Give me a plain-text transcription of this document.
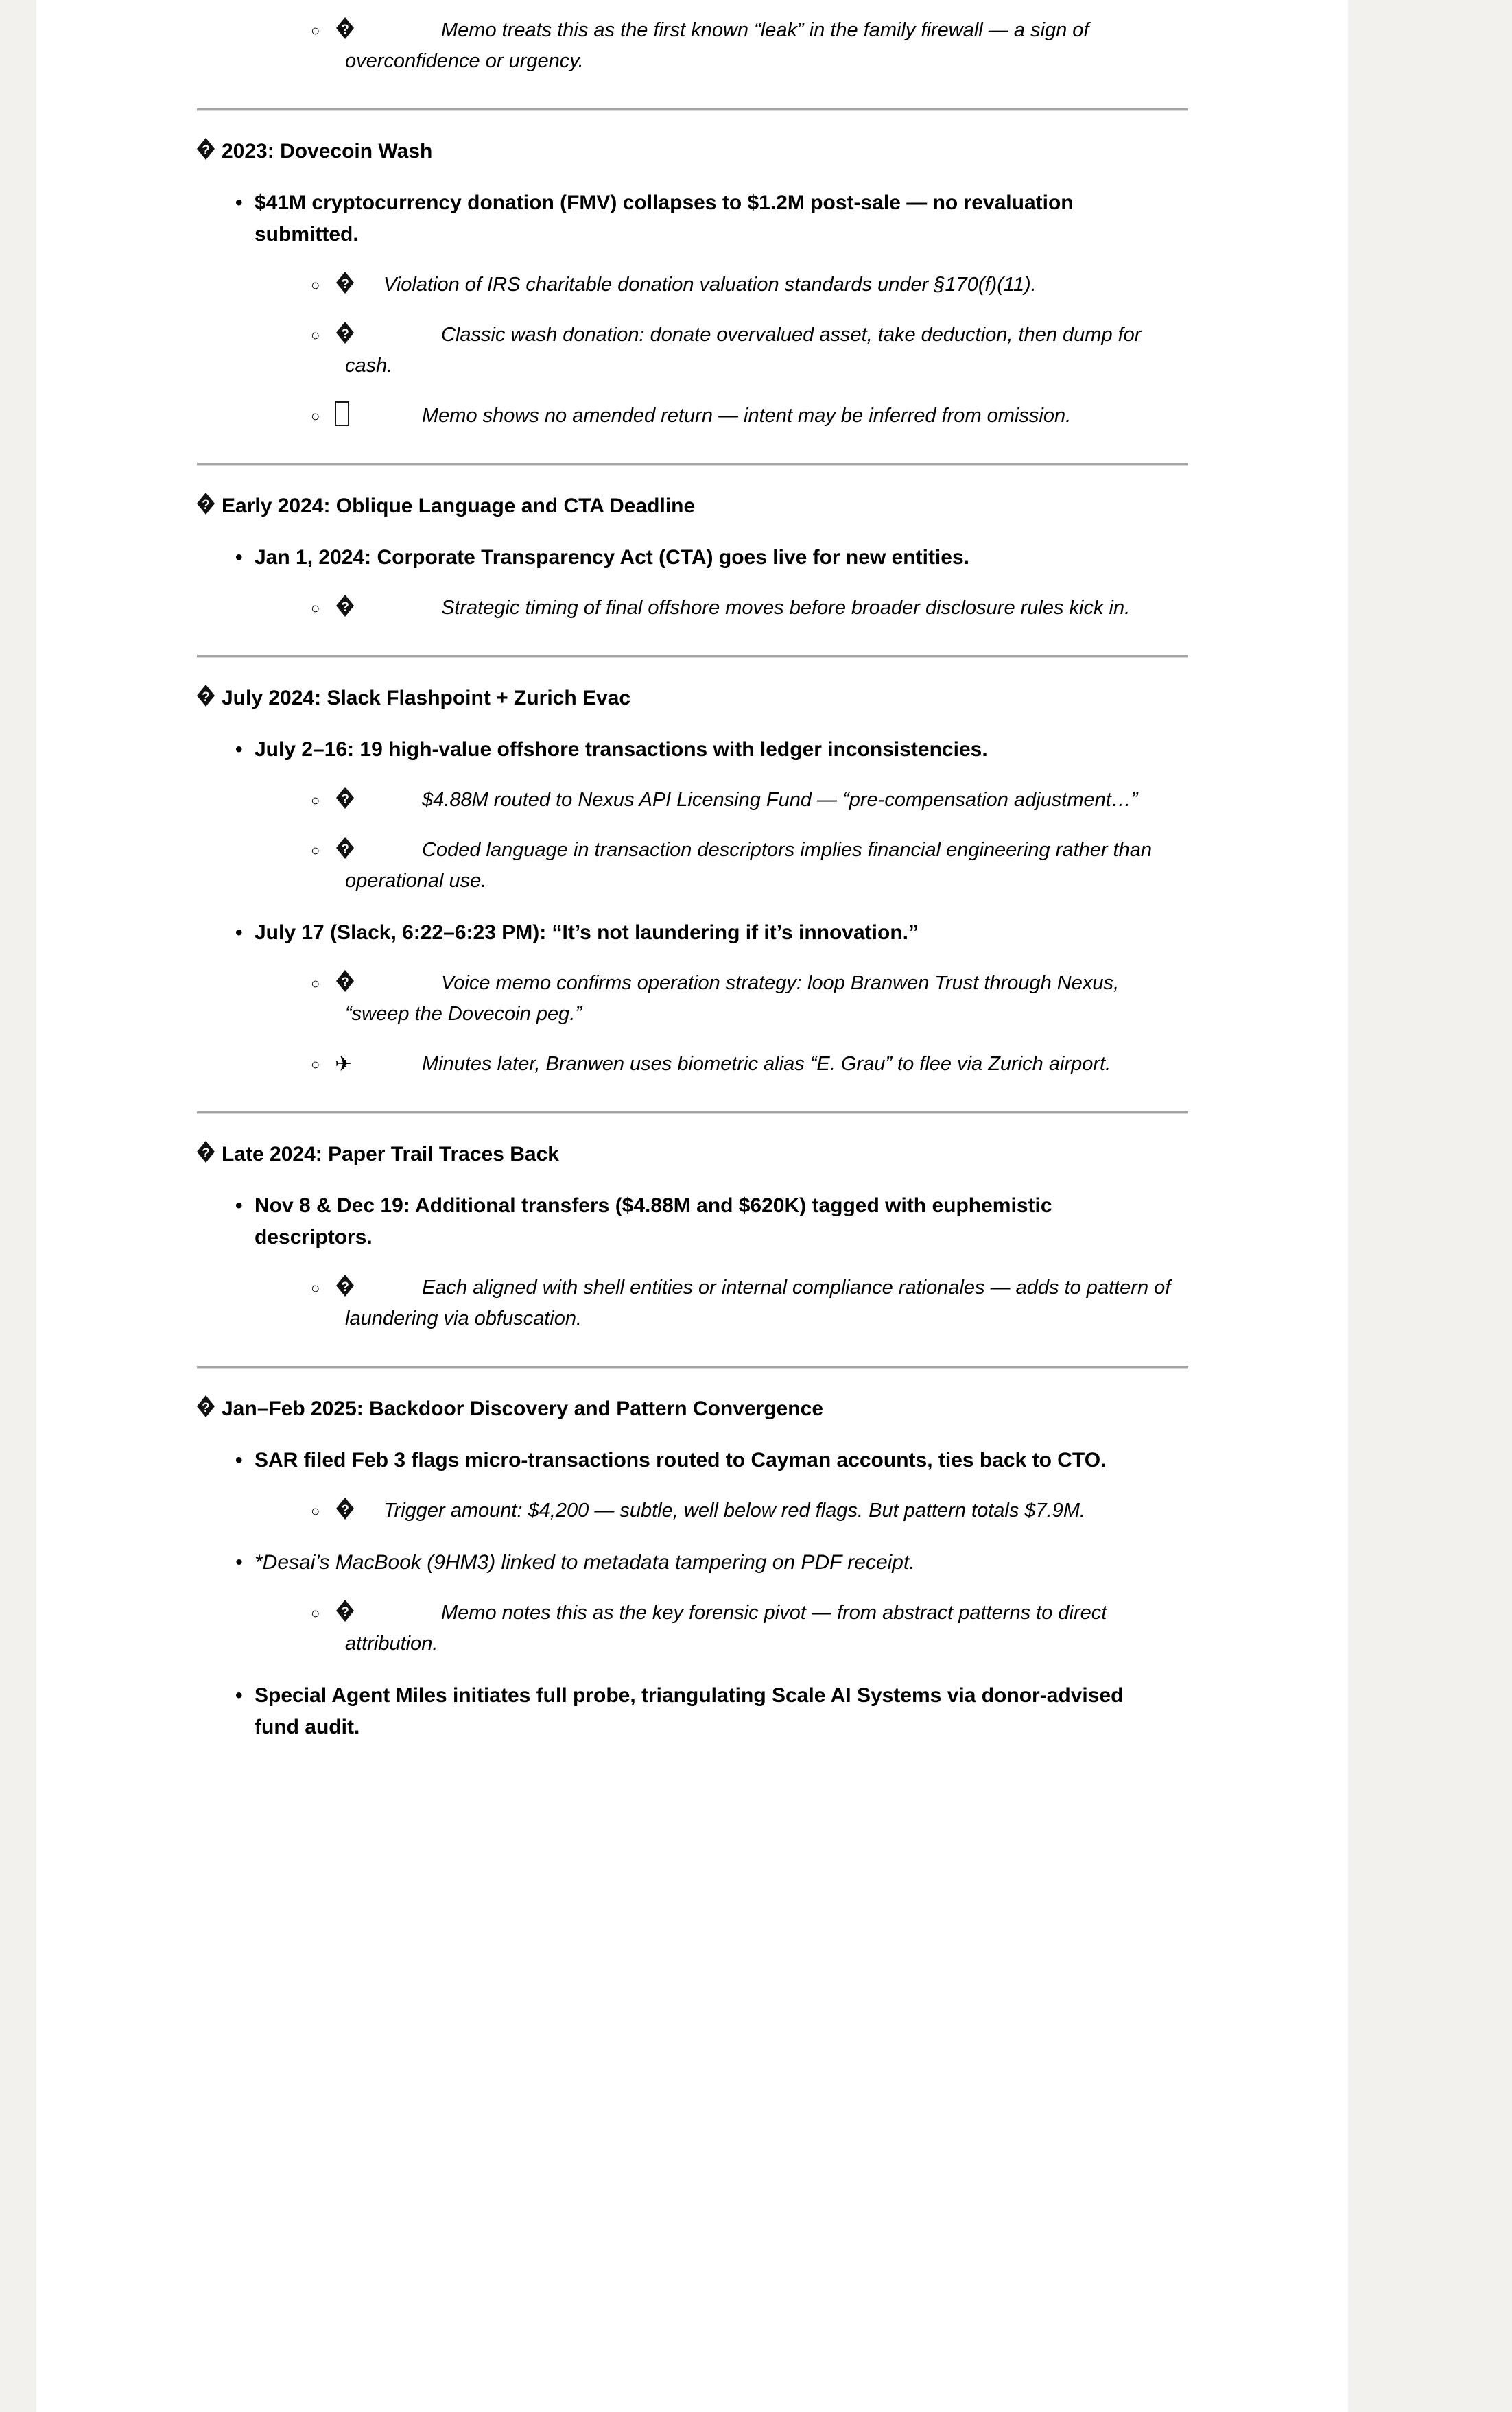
○ ?	Memo treats this as the first known “leak” in the family firewall — a sign of overconfidence or urgency.
? 2023: Dovecoin Wash
• $41M cryptocurrency donation (FMV) collapses to $1.2M post-sale — no revaluation submitted.
○ ?	Violation of IRS charitable donation valuation standards under §170(f)(11).
○ ?	Classic wash donation: donate overvalued asset, take deduction, then dump for cash.
○	Memo shows no amended return — intent may be inferred from omission.
? Early 2024: Oblique Language and CTA Deadline
• Jan 1, 2024: Corporate Transparency Act (CTA) goes live for new entities.
○ ?	Strategic timing of final offshore moves before broader disclosure rules kick in.
? July 2024: Slack Flashpoint + Zurich Evac
• July 2–16: 19 high-value offshore transactions with ledger inconsistencies.
○ ?	$4.88M routed to Nexus API Licensing Fund — “pre-compensation adjustment…”
○ ?	Coded language in transaction descriptors implies financial engineering rather than operational use.
• July 17 (Slack, 6:22–6:23 PM): “It’s not laundering if it’s innovation.”
○ ?	Voice memo confirms operation strategy: loop Branwen Trust through Nexus, “sweep the Dovecoin peg.”
○ ✈	Minutes later, Branwen uses biometric alias “E. Grau” to flee via Zurich airport.
? Late 2024: Paper Trail Traces Back
• Nov 8 & Dec 19: Additional transfers ($4.88M and $620K) tagged with euphemistic descriptors.
○ ?	Each aligned with shell entities or internal compliance rationales — adds to pattern of laundering via obfuscation.
? Jan–Feb 2025: Backdoor Discovery and Pattern Convergence
• SAR filed Feb 3 flags micro-transactions routed to Cayman accounts, ties back to CTO.
○ ?	Trigger amount: $4,200 — subtle, well below red flags. But pattern totals $7.9M.
• *Desai’s MacBook (9HM3) linked to metadata tampering on PDF receipt.
○ ?	Memo notes this as the key forensic pivot — from abstract patterns to direct attribution.
• Special Agent Miles initiates full probe, triangulating Scale AI Systems via donor-advised fund audit.
